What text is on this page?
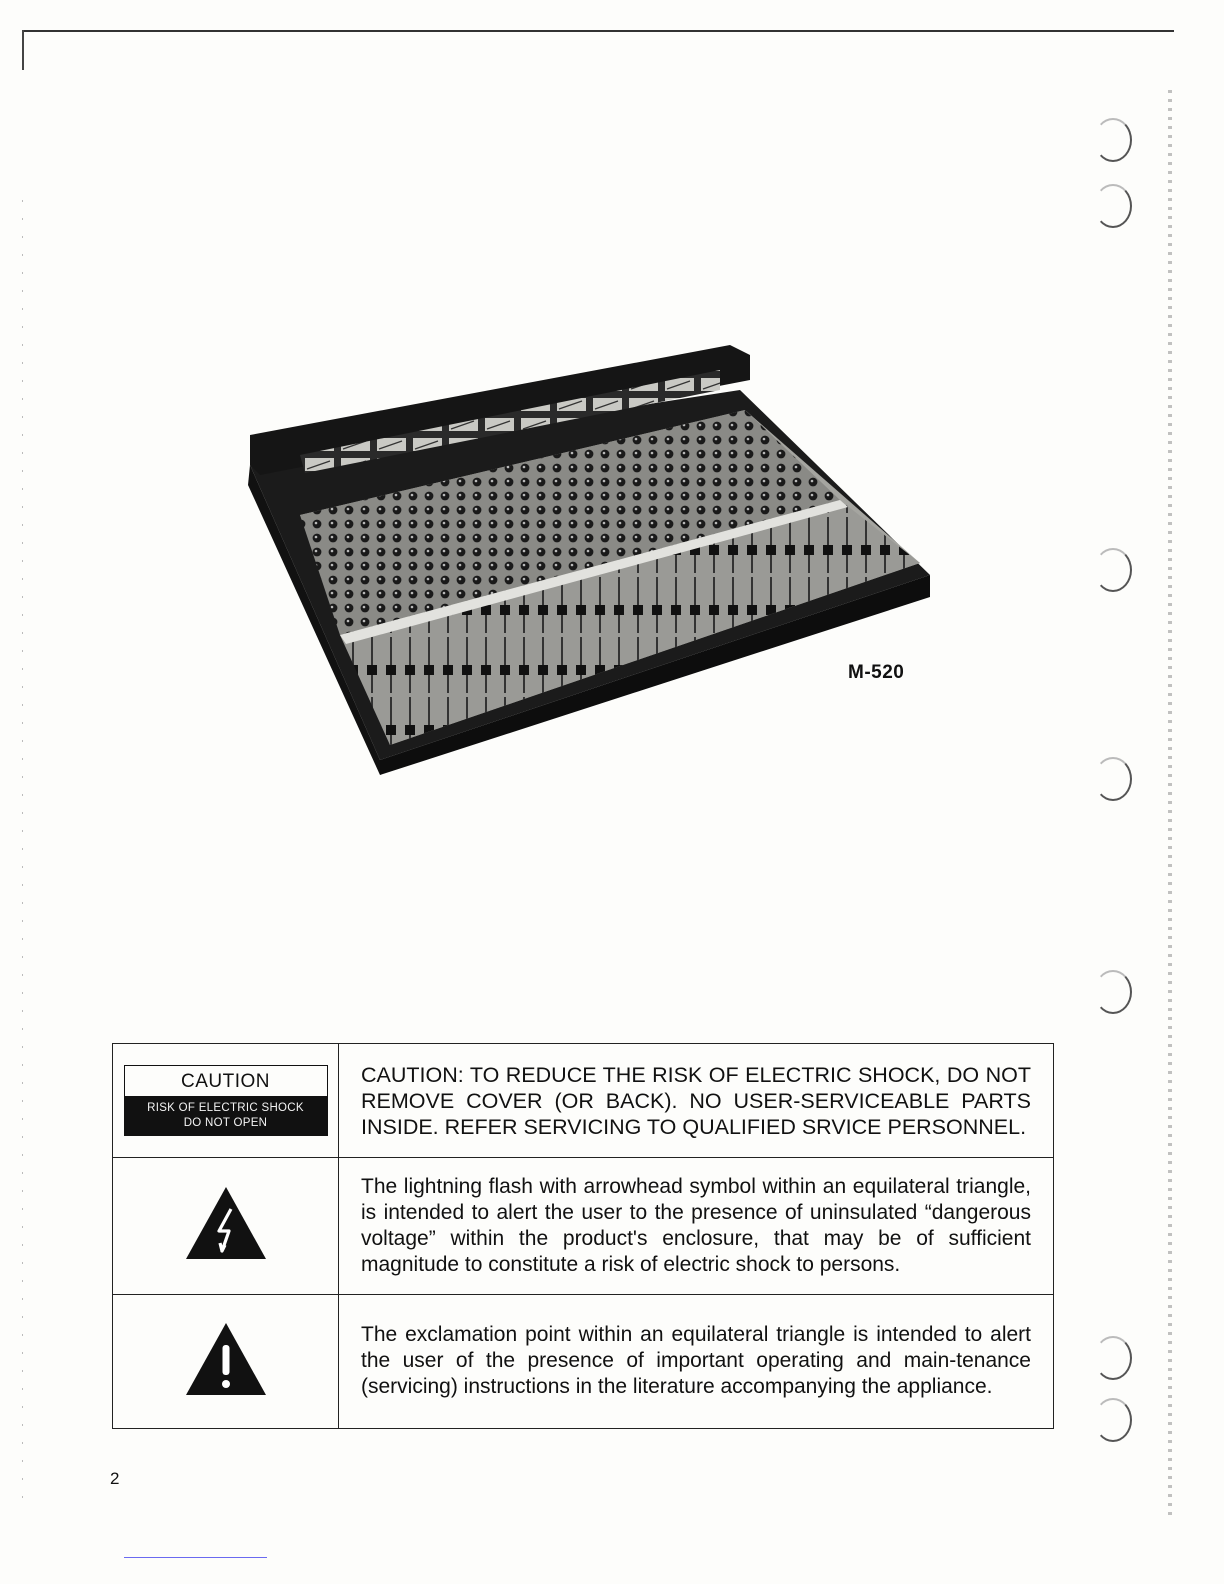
M-520
CAUTION
RISK OF ELECTRIC SHOCK
DO NOT OPEN	CAUTION: TO REDUCE THE RISK OF ELECTRIC SHOCK, DO NOT REMOVE COVER (OR BACK). NO USER-SERVICEABLE PARTS INSIDE. REFER SERVICING TO QUALIFIED SRVICE PERSONNEL.
	The lightning flash with arrowhead symbol within an equilateral triangle, is intended to alert the user to the presence of uninsulated “dangerous voltage” within the product's enclosure, that may be of sufficient magnitude to constitute a risk of electric shock to persons.
	The exclamation point within an equilateral triangle is intended to alert the user of the presence of important operating and main-tenance (servicing) instructions in the literature accompanying the appliance.
2
